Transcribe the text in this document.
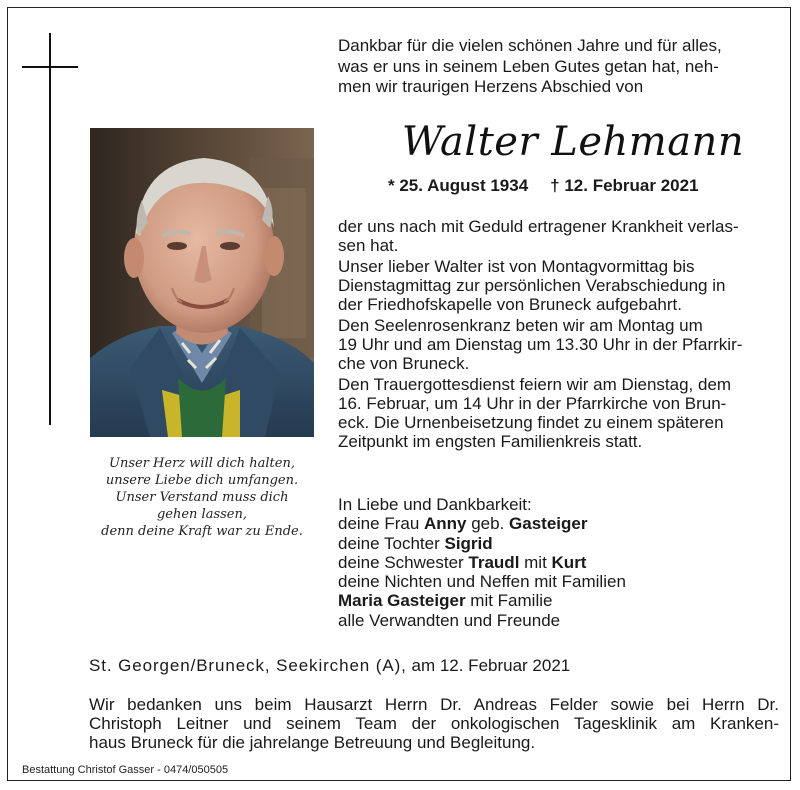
Dankbar für die vielen schönen Jahre und für alles,
was er uns in seinem Leben Gutes getan hat, neh-
men wir traurigen Herzens Abschied von
Walter Lehmann
* 25. August 1934 † 12. Februar 2021
Unser Herz will dich halten,
unsere Liebe dich umfangen.
Unser Verstand muss dich
gehen lassen,
denn deine Kraft war zu Ende.

der uns nach mit Geduld ertragener Krankheit verlas-
sen hat.

Unser lieber Walter ist von Montagvormittag bis
Dienstagmittag zur persönlichen Verabschiedung in
der Friedhofskapelle von Bruneck aufgebahrt.

Den Seelenrosenkranz beten wir am Montag um
19 Uhr und am Dienstag um 13.30 Uhr in der Pfarrkir-
che von Bruneck.

Den Trauergottesdienst feiern wir am Dienstag, dem
16. Februar, um 14 Uhr in der Pfarrkirche von Brun-
eck. Die Urnenbeisetzung findet zu einem späteren
Zeitpunkt im engsten Familienkreis statt.

In Liebe und Dankbarkeit:
deine Frau Anny geb. Gasteiger
deine Tochter Sigrid
deine Schwester Traudl mit Kurt
deine Nichten und Neffen mit Familien
Maria Gasteiger mit Familie
alle Verwandten und Freunde
St. Georgen/Bruneck, Seekirchen (A), am 12. Februar 2021
Wir bedanken uns beim Hausarzt Herrn Dr. Andreas Felder sowie bei Herrn Dr.
Christoph Leitner und seinem Team der onkologischen Tagesklinik am Kranken-
haus Bruneck für die jahrelange Betreuung und Begleitung.
Bestattung Christof Gasser - 0474/050505
